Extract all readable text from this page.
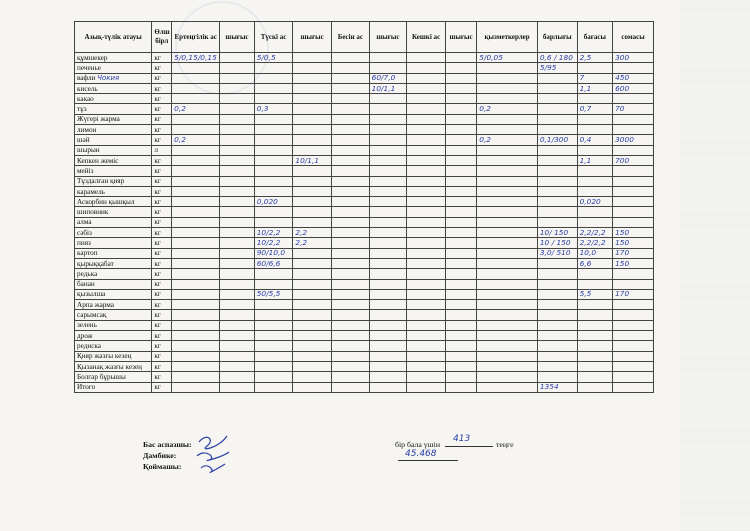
Азық-түлік атауы	Өлш бірл	Ертеңгілік ас	шығыс	Түскі ас	шығыс	Бесін ас	шығыс	Кешкі ас	шығыс	қызметкерлер	барлығы	бағасы	сомасы
құмшекер	кг	5/0,15/0,15		5/0,5						5/0,05	0,6 / 180	2,5	300
печенье	кг										5/95		
вафли Чокия	кг						60/7,0					7	450
кисель	кг						10/1,1					1,1	600
какао	кг												
тұз	кг	0,2		0,3						0,2		0,7	70
Жүгері жарма	кг												
лимон	кг												
шәй	кг	0,2								0,2	0,1/300	0,4	3000
шырын	л												
Кепкен жеміс	кг				10/1,1							1,1	700
мейіз	кг												
Тұздалған қияр	кг												
карамель	кг												
Аскорбин қышқыл	кг			0,020								0,020	
шиповник	кг												
алма	кг												
сәбіз	кг			10/2,2	2,2						10/ 150	2,2/2,2	150
пияз	кг			10/2,2	2,2						10 / 150	2,2/2,2	150
картоп	кг			90/10,0							3,0/ 510	10,0	170
қырыққабат	кг			60/6,6								6,6	150
редька	кг												
банан	кг												
қызылша	кг			50/5,5								5,5	170
Арпа жарма	кг												
сарымсақ	кг												
зелень	кг												
дрож	кг												
редиска	кг												
Қияр жазғы кезең	кг												
Қызанақ жазғы кезең	кг												
Болгар бұрышы	кг												
Итого	кг										1354		
Бас аспазшы:
Дамбике:
Қоймашы:
бір бала үшін
413
теңге
45.468
